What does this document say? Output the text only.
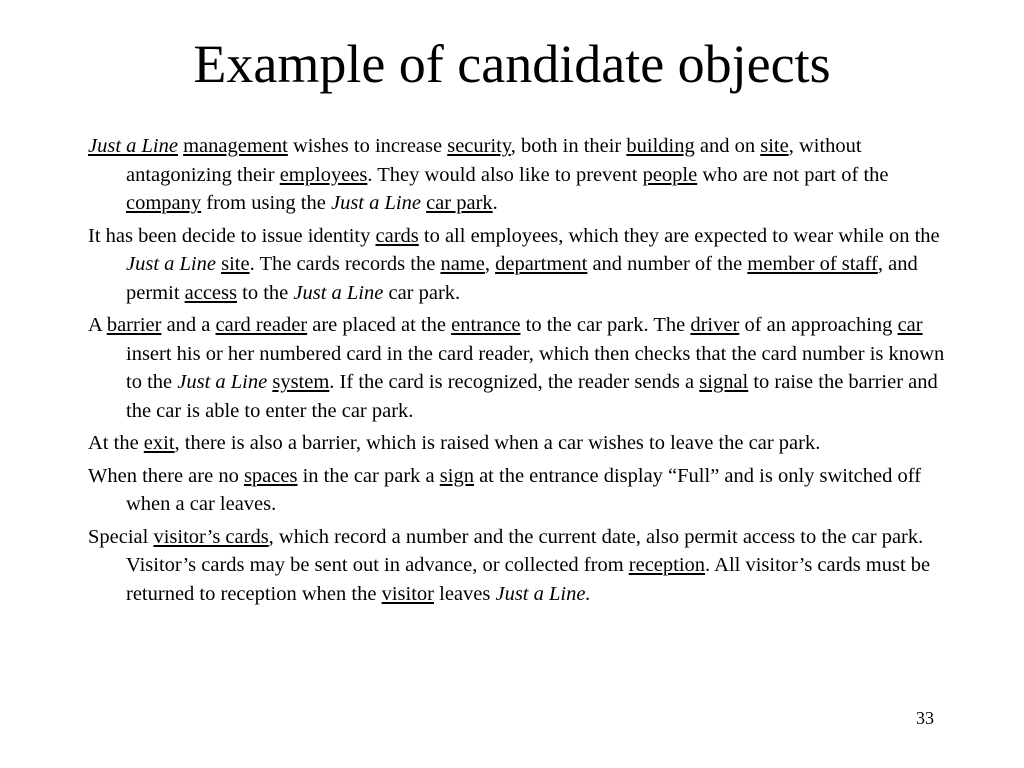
Example of candidate objects

Just a Line management wishes to increase security, both in their building and on site, without antagonizing their employees. They would also like to prevent people who are not part of the company from using the Just a Line car park.

It has been decide to issue identity cards to all employees, which they are expected to wear while on the Just a Line site. The cards records the name, department and number of the member of staff, and permit access to the Just a Line car park.

A barrier and a card reader are placed at the entrance to the car park. The driver of an approaching car insert his or her numbered card in the card reader, which then checks that the card number is known to the Just a Line system. If the card is recognized, the reader sends a signal to raise the barrier and the car is able to enter the car park.

At the exit, there is also a barrier, which is raised when a car wishes to leave the car park.

When there are no spaces in the car park a sign at the entrance display “Full” and is only switched off when a car leaves.

Special visitor’s cards, which record a number and the current date, also permit access to the car park. Visitor’s cards may be sent out in advance, or collected from reception. All visitor’s cards must be returned to reception when the visitor leaves Just a Line.

33
